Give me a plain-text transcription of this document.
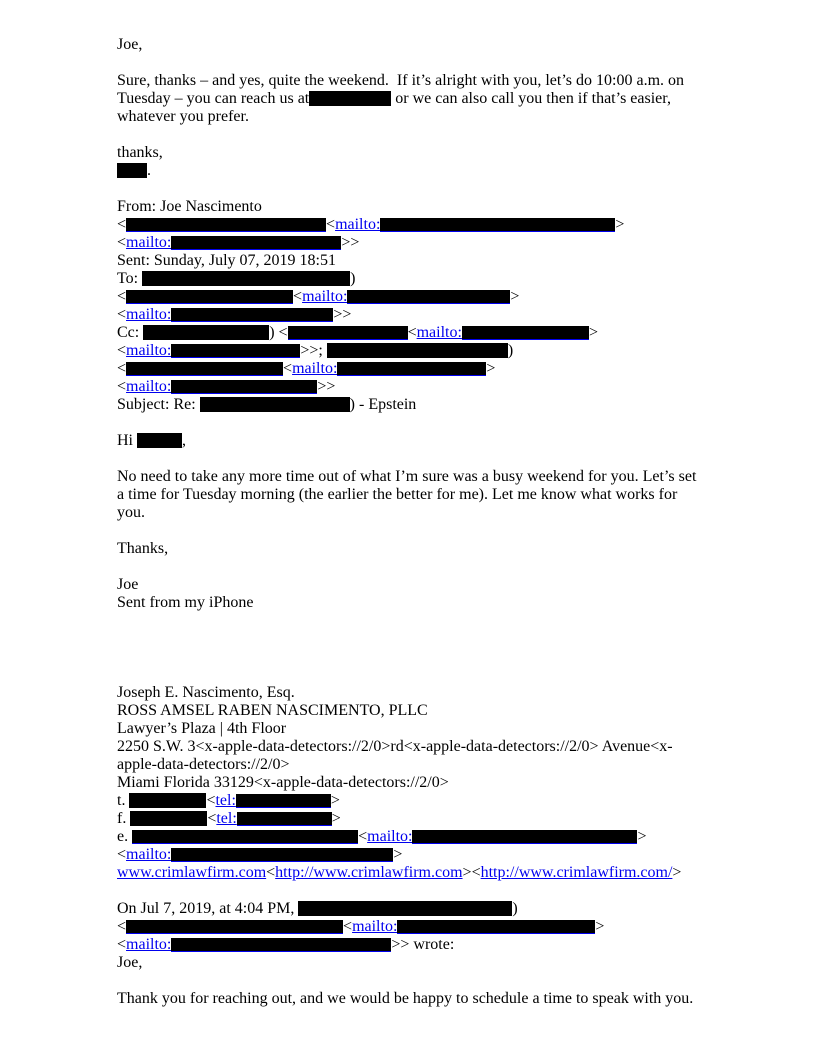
Joe,

Sure, thanks – and yes, quite the weekend.  If it’s alright with you, let’s do 10:00 a.m. on
Tuesday – you can reach us at	or we can also call you then if that’s easier,
whatever you prefer.

thanks,
.

From: Joe Nascimento
<	<mailto:	>
<mailto:	>>
Sent: Sunday, July 07, 2019 18:51
To:	)
<	<mailto:	>
<mailto:	>>
Cc:	) <	<mailto:	>
<mailto:	>>;	)
<	<mailto:	>
<mailto:	>>
Subject: Re:	) - Epstein

Hi	,

No need to take any more time out of what I’m sure was a busy weekend for you. Let’s set
a time for Tuesday morning (the earlier the better for me). Let me know what works for
you.

Thanks,

Joe
Sent from my iPhone

Joseph E. Nascimento, Esq.
ROSS AMSEL RABEN NASCIMENTO, PLLC
Lawyer’s Plaza | 4th Floor
2250 S.W. 3<x-apple-data-detectors://2/0>rd<x-apple-data-detectors://2/0> Avenue<x-
apple-data-detectors://2/0>
Miami Florida 33129<x-apple-data-detectors://2/0>
t.	<tel:	>
f.	<tel:	>
e.	<mailto:	>
<mailto:	>
www.crimlawfirm.com<http://www.crimlawfirm.com><http://www.crimlawfirm.com/>

On Jul 7, 2019, at 4:04 PM,	)
<	<mailto:	>
<mailto:	>> wrote:
Joe,

Thank you for reaching out, and we would be happy to schedule a time to speak with you.
